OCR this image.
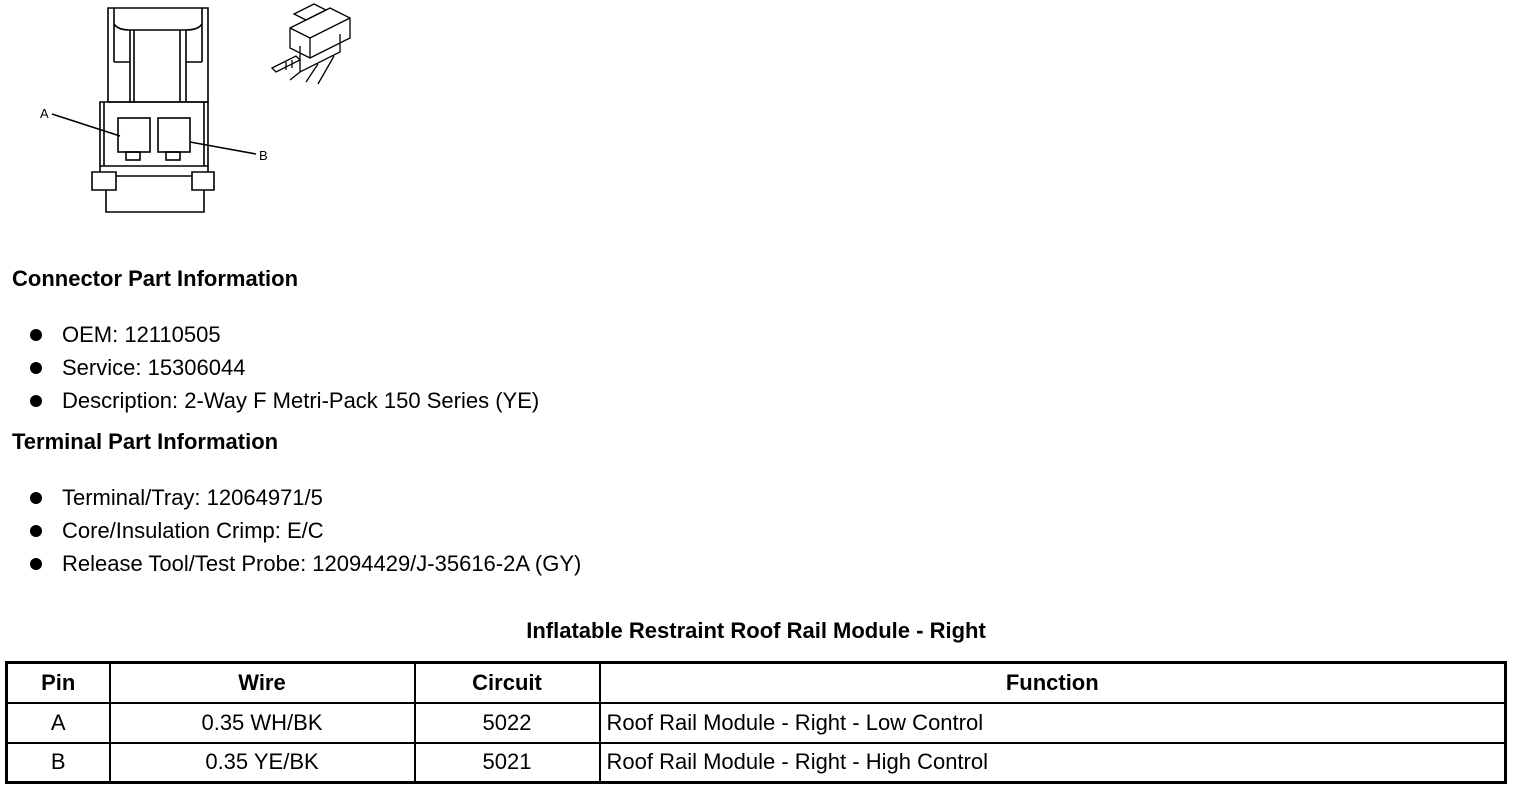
A
B
Connector Part Information
OEM: 12110505
Service: 15306044
Description: 2-Way F Metri-Pack 150 Series (YE)
Terminal Part Information
Terminal/Tray: 12064971/5
Core/Insulation Crimp: E/C
Release Tool/Test Probe: 12094429/J-35616-2A (GY)
Inflatable Restraint Roof Rail Module - Right
Pin	Wire	Circuit	Function
A	0.35 WH/BK	5022	Roof Rail Module - Right - Low Control
B	0.35 YE/BK	5021	Roof Rail Module - Right - High Control
